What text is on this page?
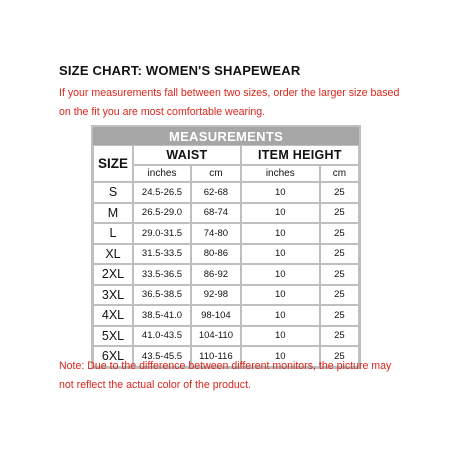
SIZE CHART: WOMEN'S SHAPEWEAR
If your measurements fall between two sizes, order the larger size based on the fit you are most comfortable wearing.
MEASUREMENTS				
SIZE	WAIST		ITEM HEIGHT	
	inches	cm	inches	cm
S	24.5-26.5	62-68	10	25
M	26.5-29.0	68-74	10	25
L	29.0-31.5	74-80	10	25
XL	31.5-33.5	80-86	10	25
2XL	33.5-36.5	86-92	10	25
3XL	36.5-38.5	92-98	10	25
4XL	38.5-41.0	98-104	10	25
5XL	41.0-43.5	104-110	10	25
6XL	43.5-45.5	110-116	10	25
Note: Due to the difference between different monitors, the picture may not reflect the actual color of the product.
